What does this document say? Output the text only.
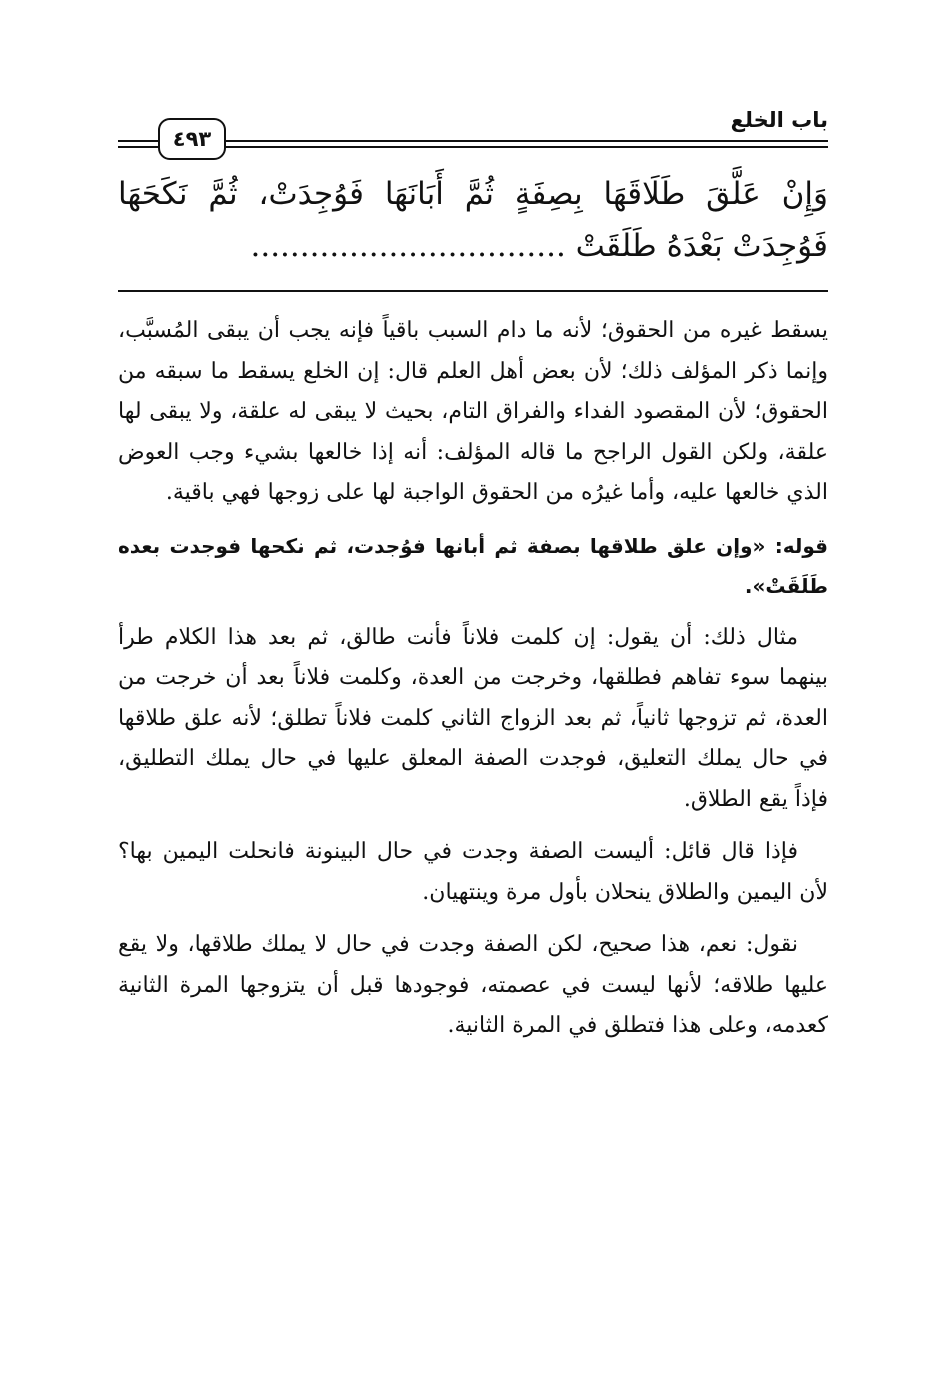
باب الخلع
٤٩٣
وَإِنْ عَلَّقَ طَلَاقَهَا بِصِفَةٍ ثُمَّ أَبَانَهَا فَوُجِدَتْ، ثُمَّ نَكَحَهَا
فَوُجِدَتْ بَعْدَهُ طَلَقَتْ ................................

يسقط غيره من الحقوق؛ لأنه ما دام السبب باقياً فإنه يجب أن يبقى المُسبَّب، وإنما ذكر المؤلف ذلك؛ لأن بعض أهل العلم قال: إن الخلع يسقط ما سبقه من الحقوق؛ لأن المقصود الفداء والفراق التام، بحيث لا يبقى له علقة، ولا يبقى لها علقة، ولكن القول الراجح ما قاله المؤلف: أنه إذا خالعها بشيء وجب العوض الذي خالعها عليه، وأما غيرُه من الحقوق الواجبة لها على زوجها فهي باقية.

قوله: «وإن علق طلاقها بصفة ثم أبانها فوُجدت، ثم نكحها فوجدت بعده طَلَقَتْ».

مثال ذلك: أن يقول: إن كلمت فلاناً فأنت طالق، ثم بعد هذا الكلام طرأ بينهما سوء تفاهم فطلقها، وخرجت من العدة، وكلمت فلاناً بعد أن خرجت من العدة، ثم تزوجها ثانياً، ثم بعد الزواج الثاني كلمت فلاناً تطلق؛ لأنه علق طلاقها في حال يملك التعليق، فوجدت الصفة المعلق عليها في حال يملك التطليق، فإذاً يقع الطلاق.

فإذا قال قائل: أليست الصفة وجدت في حال البينونة فانحلت اليمين بها؟ لأن اليمين والطلاق ينحلان بأول مرة وينتهيان.

نقول: نعم، هذا صحيح، لكن الصفة وجدت في حال لا يملك طلاقها، ولا يقع عليها طلاقه؛ لأنها ليست في عصمته، فوجودها قبل أن يتزوجها المرة الثانية كعدمه، وعلى هذا فتطلق في المرة الثانية.
